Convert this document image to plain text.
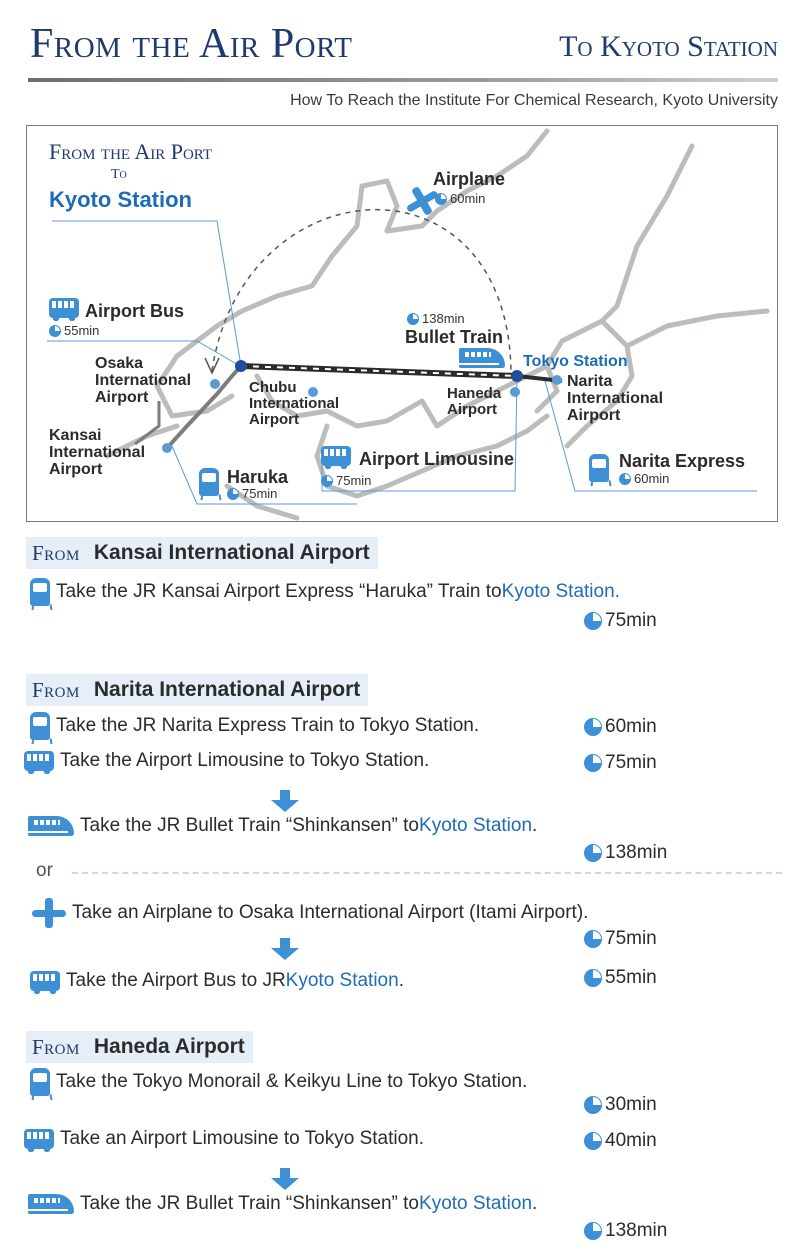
From the Air Port	To Kyoto Station
How To Reach the Institute For Chemical Research, Kyoto University
From the Air Port
To
Kyoto Station
Airplane
60min
Airport Bus
55min
138min
Bullet Train
Tokyo Station
Osaka
International
Airport
Kansai
International
Airport
Chubu
International
Airport
Haneda
Airport
Narita
International
Airport
Haruka
75min
Airport Limousine
75min
Narita Express
60min
From Kansai International Airport
Take the JR Kansai Airport Express “Haruka” Train to Kyoto Station.
75min
From Narita International Airport
Take the JR Narita Express Train to Tokyo Station.	60min
Take the Airport Limousine to Tokyo Station.	75min
Take the JR Bullet Train “Shinkansen” to Kyoto Station .
138min
or
Take an Airplane to Osaka International Airport (Itami Airport).
75min
Take the Airport Bus to JR Kyoto Station .	55min
From Haneda Airport
Take the Tokyo Monorail & Keikyu Line to Tokyo Station.
30min
Take an Airport Limousine to Tokyo Station.	40min
Take the JR Bullet Train “Shinkansen” to Kyoto Station .
138min
